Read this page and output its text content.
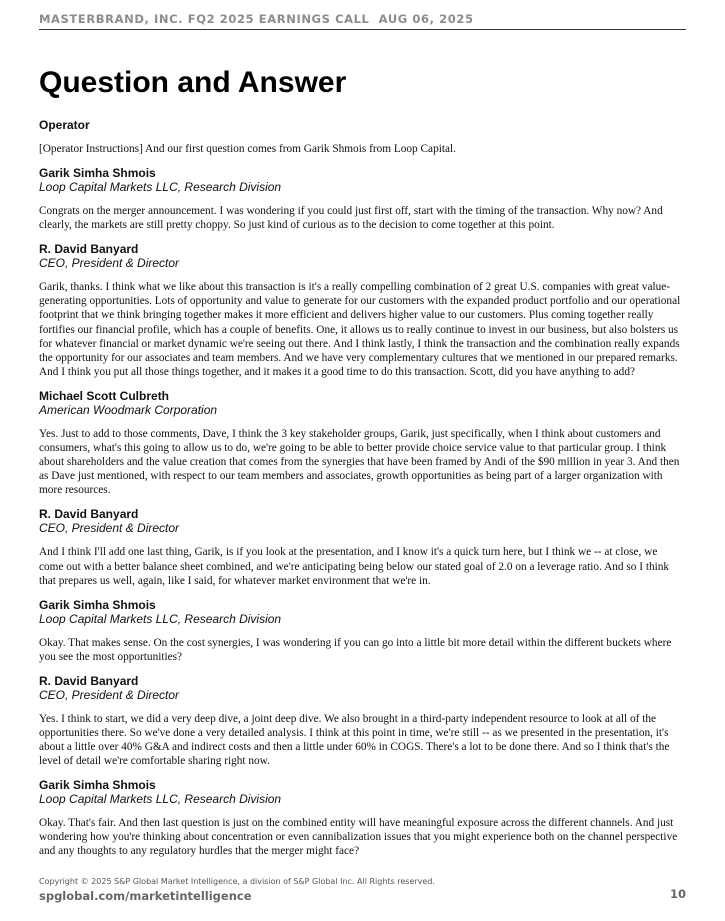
MASTERBRAND, INC. FQ2 2025 EARNINGS CALL  AUG 06, 2025
Question and Answer
Operator
[Operator Instructions] And our first question comes from Garik Shmois from Loop Capital.
Garik Simha Shmois
Loop Capital Markets LLC, Research Division
Congrats on the merger announcement. I was wondering if you could just first off, start with the timing of the transaction. Why now? And clearly, the markets are still pretty choppy. So just kind of curious as to the decision to come together at this point.
R. David Banyard
CEO, President & Director
Garik, thanks. I think what we like about this transaction is it's a really compelling combination of 2 great U.S. companies with great value-generating opportunities. Lots of opportunity and value to generate for our customers with the expanded product portfolio and our operational footprint that we think bringing together makes it more efficient and delivers higher value to our customers. Plus coming together really fortifies our financial profile, which has a couple of benefits. One, it allows us to really continue to invest in our business, but also bolsters us for whatever financial or market dynamic we're seeing out there. And I think lastly, I think the transaction and the combination really expands the opportunity for our associates and team members. And we have very complementary cultures that we mentioned in our prepared remarks. And I think you put all those things together, and it makes it a good time to do this transaction. Scott, did you have anything to add?
Michael Scott Culbreth
American Woodmark Corporation
Yes. Just to add to those comments, Dave, I think the 3 key stakeholder groups, Garik, just specifically, when I think about customers and consumers, what's this going to allow us to do, we're going to be able to better provide choice service value to that particular group. I think about shareholders and the value creation that comes from the synergies that have been framed by Andi of the $90 million in year 3. And then as Dave just mentioned, with respect to our team members and associates, growth opportunities as being part of a larger organization with more resources.
R. David Banyard
CEO, President & Director
And I think I'll add one last thing, Garik, is if you look at the presentation, and I know it's a quick turn here, but I think we -- at close, we come out with a better balance sheet combined, and we're anticipating being below our stated goal of 2.0 on a leverage ratio. And so I think that prepares us well, again, like I said, for whatever market environment that we're in.
Garik Simha Shmois
Loop Capital Markets LLC, Research Division
Okay. That makes sense. On the cost synergies, I was wondering if you can go into a little bit more detail within the different buckets where you see the most opportunities?
R. David Banyard
CEO, President & Director
Yes. I think to start, we did a very deep dive, a joint deep dive. We also brought in a third-party independent resource to look at all of the opportunities there. So we've done a very detailed analysis. I think at this point in time, we're still -- as we presented in the presentation, it's about a little over 40% G&A and indirect costs and then a little under 60% in COGS. There's a lot to be done there. And so I think that's the level of detail we're comfortable sharing right now.
Garik Simha Shmois
Loop Capital Markets LLC, Research Division
Okay. That's fair. And then last question is just on the combined entity will have meaningful exposure across the different channels. And just wondering how you're thinking about concentration or even cannibalization issues that you might experience both on the channel perspective and any thoughts to any regulatory hurdles that the merger might face?
Copyright © 2025 S&P Global Market Intelligence, a division of S&P Global Inc. All Rights reserved.
spglobal.com/marketintelligence	10
